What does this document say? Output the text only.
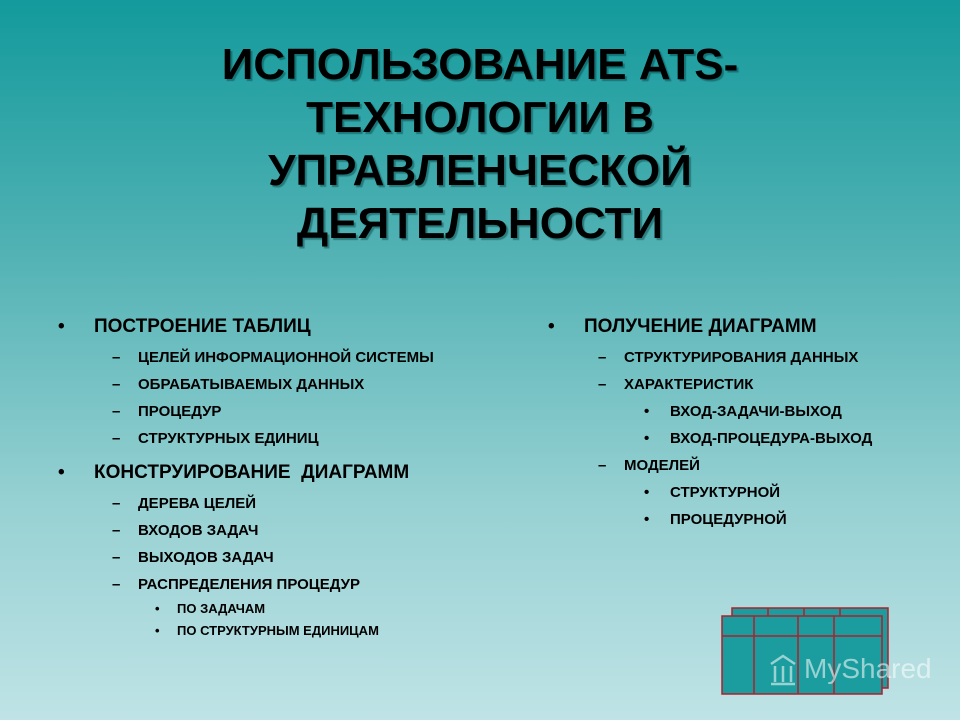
ИСПОЛЬЗОВАНИЕ ATS-
ТЕХНОЛОГИИ В
УПРАВЛЕНЧЕСКОЙ
ДЕЯТЕЛЬНОСТИ
•	ПОСТРОЕНИЕ ТАБЛИЦ
–	ЦЕЛЕЙ ИНФОРМАЦИОННОЙ СИСТЕМЫ
–	ОБРАБАТЫВАЕМЫХ ДАННЫХ
–	ПРОЦЕДУР
–	СТРУКТУРНЫХ ЕДИНИЦ
•	КОНСТРУИРОВАНИЕ  ДИАГРАММ
–	ДЕРЕВА ЦЕЛЕЙ
–	ВХОДОВ ЗАДАЧ
–	ВЫХОДОВ ЗАДАЧ
–	РАСПРЕДЕЛЕНИЯ ПРОЦЕДУР
•	ПО ЗАДАЧАМ
•	ПО СТРУКТУРНЫМ ЕДИНИЦАМ
•	ПОЛУЧЕНИЕ ДИАГРАММ
–	СТРУКТУРИРОВАНИЯ ДАННЫХ
–	ХАРАКТЕРИСТИК
•	ВХОД-ЗАДАЧИ-ВЫХОД
•	ВХОД-ПРОЦЕДУРА-ВЫХОД
–	МОДЕЛЕЙ
•	СТРУКТУРНОЙ
•	ПРОЦЕДУРНОЙ
MyShared
